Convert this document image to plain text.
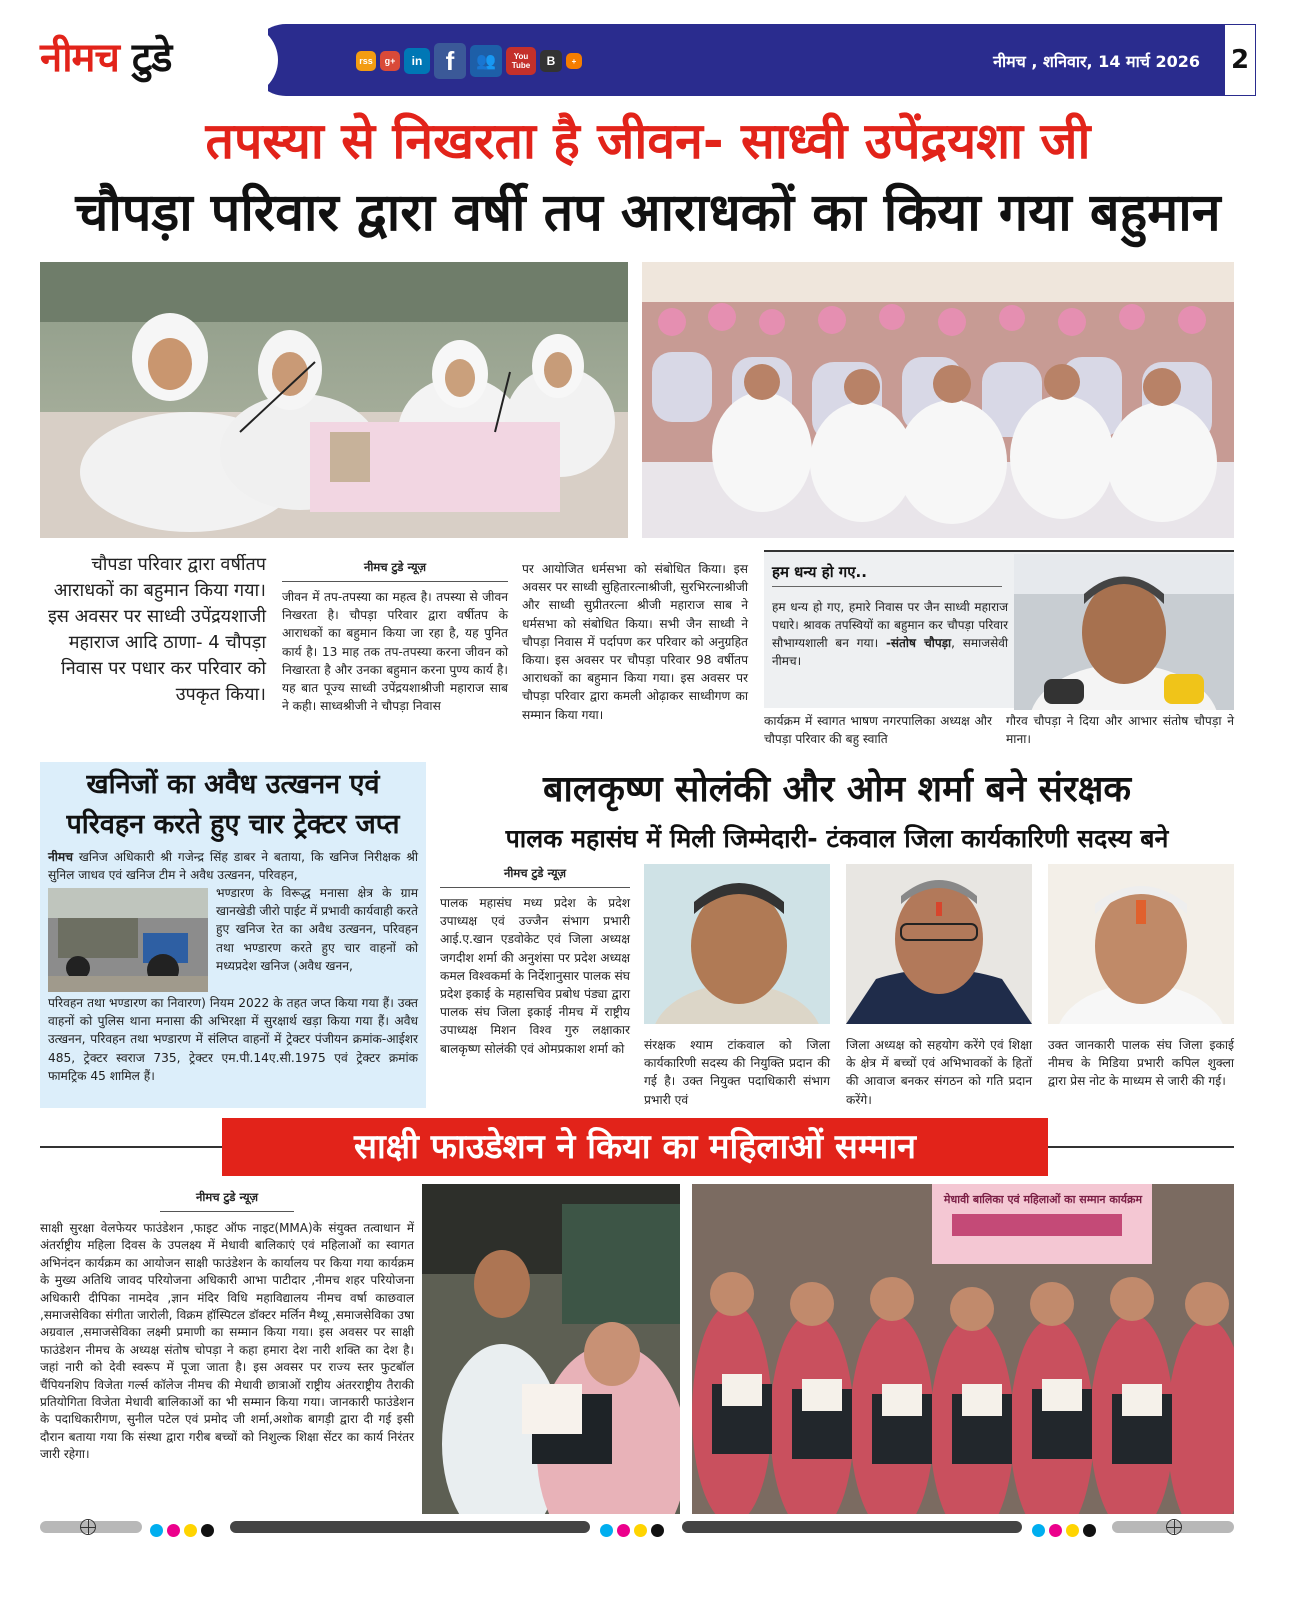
नीमच टुडे	rss	g+	in f	👥	You Tube	B	+	नीमच , शनिवार, 14 मार्च 2026 2
तपस्या से निखरता है जीवन- साध्वी उपेंद्रयशा जी
चौपड़ा परिवार द्वारा वर्षी तप आराधकों का किया गया बहुमान
चौपडा परिवार द्वारा वर्षीतप आराधकों का बहुमान किया गया। इस अवसर पर साध्वी उपेंद्रयशाजी महाराज आदि ठाणा- 4 चौपड़ा निवास पर पधार कर परिवार को उपकृत किया।
नीमच टुडे न्यूज़
जीवन में तप-तपस्या का महत्व है। तपस्या से जीवन निखरता है। चौपड़ा परिवार द्वारा वर्षीतप के आराधकों का बहुमान किया जा रहा है, यह पुनित कार्य है। 13 माह तक तप-तपस्या करना जीवन को निखारता है और उनका बहुमान करना पुण्य कार्य है। यह बात पूज्य साध्वी उपेंद्रयशाश्रीजी महाराज साब ने कही। साध्वश्रीजी ने चौपड़ा निवास
पर आयोजित धर्मसभा को संबोधित किया। इस अवसर पर साध्वी सुहितारत्नाश्रीजी, सुरभिरत्नाश्रीजी और साध्वी सुप्रीतरत्ना श्रीजी महाराज साब ने धर्मसभा को संबोधित किया। सभी जैन साध्वी ने चौपड़ा निवास में पर्दापण कर परिवार को अनुग्रहित किया। इस अवसर पर चौपड़ा परिवार 98 वर्षीतप आराधकों का बहुमान किया गया। इस अवसर पर चौपड़ा परिवार द्वारा कमली ओढ़ाकर साध्वीगण का सम्मान किया गया।
हम धन्य हो गए..
हम धन्य हो गए, हमारे निवास पर जैन साध्वी महाराज पधारे। श्रावक तपस्वियों का बहुमान कर चौपड़ा परिवार सौभाग्यशाली बन गया। -संतोष चौपड़ा, समाजसेवी नीमच।
कार्यक्रम में स्वागत भाषण नगरपालिका अध्यक्ष और चौपड़ा परिवार की बहु स्वाति
गौरव चौपड़ा ने दिया और आभार संतोष चौपड़ा ने माना।
खनिजों का अवैध उत्खनन एवं
परिवहन करते हुए चार ट्रेक्टर जप्त
नीमच खनिज अधिकारी श्री गजेन्द्र सिंह डाबर ने बताया, कि खनिज निरीक्षक श्री सुनिल जाधव एवं खनिज टीम ने अवैध उत्खनन, परिवहन,
भण्डारण के विरूद्ध मनासा क्षेत्र के ग्राम खानखेडी जीरो पाईट में प्रभावी कार्यवाही करते हुए खनिज रेत का अवैध उत्खनन, परिवहन तथा भण्डारण करते हुए चार वाहनों को मध्यप्रदेश खनिज (अवैध खनन,
परिवहन तथा भण्डारण का निवारण) नियम 2022 के तहत जप्त किया गया हैं। उक्त वाहनों को पुलिस थाना मनासा की अभिरक्षा में सुरक्षार्थ खड़ा किया गया हैं। अवैध उत्खनन, परिवहन तथा भण्डारण में संलिप्त वाहनों में ट्रेक्टर पंजीयन क्रमांक-आईशर 485, ट्रेक्टर स्वराज 735, ट्रेक्टर एम.पी.14ए.सी.1975 एवं ट्रेक्टर क्रमांक फामट्रिक 45 शामिल हैं।
बालकृष्ण सोलंकी और ओम शर्मा बने संरक्षक
पालक महासंघ में मिली जिम्मेदारी- टंकवाल जिला कार्यकारिणी सदस्य बने
नीमच टुडे न्यूज़
पालक महासंघ मध्य प्रदेश के प्रदेश उपाध्यक्ष एवं उज्जैन संभाग प्रभारी आई.ए.खान एडवोकेट एवं जिला अध्यक्ष जगदीश शर्मा की अनुशंसा पर प्रदेश अध्यक्ष कमल विश्वकर्मा के निर्देशानुसार पालक संघ प्रदेश इकाई के महासचिव प्रबोध पंड्या द्वारा पालक संघ जिला इकाई नीमच में राष्ट्रीय उपाध्यक्ष मिशन विश्व गुरु लक्षाकार बालकृष्ण सोलंकी एवं ओमप्रकाश शर्मा को	संरक्षक श्याम टांकवाल को जिला कार्यकारिणी सदस्य की नियुक्ति प्रदान की गई है। उक्त नियुक्त पदाधिकारी संभाग प्रभारी एवं
जिला अध्यक्ष को सहयोग करेंगे एवं शिक्षा के क्षेत्र में बच्चों एवं अभिभावकों के हितों की आवाज बनकर संगठन को गति प्रदान करेंगे।
उक्त जानकारी पालक संघ जिला इकाई नीमच के मिडिया प्रभारी कपिल शुक्ला द्वारा प्रेस नोट के माध्यम से जारी की गई।
साक्षी फाउडेशन ने किया का महिलाओं सम्मान
नीमच टुडे न्यूज़
साक्षी सुरक्षा वेलफेयर फाउंडेशन ,फाइट ऑफ नाइट(MMA)के संयुक्त तत्वाधान में अंतर्राष्ट्रीय महिला दिवस के उपलक्ष्य में मेधावी बालिकाएं एवं महिलाओं का स्वागत अभिनंदन कार्यक्रम का आयोजन साक्षी फाउंडेशन के कार्यालय पर किया गया कार्यक्रम के मुख्य अतिथि जावद परियोजना अधिकारी आभा पाटीदार ,नीमच शहर परियोजना अधिकारी दीपिका नामदेव ,ज्ञान मंदिर विधि महाविद्यालय नीमच वर्षा काछवाल ,समाजसेविका संगीता जारोली, विक्रम हॉस्पिटल डॉक्टर मर्लिन मैथ्यू ,समाजसेविका उषा अग्रवाल ,समाजसेविका लक्ष्मी प्रमाणी का सम्मान किया गया। इस अवसर पर साक्षी फाउंडेशन नीमच के अध्यक्ष संतोष चोपड़ा ने कहा हमारा देश नारी शक्ति का देश है। जहां नारी को देवी स्वरूप में पूजा जाता है। इस अवसर पर राज्य स्तर फुटबॉल चैंपियनशिप विजेता गर्ल्स कॉलेज नीमच की मेधावी छात्राओं राष्ट्रीय अंतरराष्ट्रीय तैराकी प्रतियोगिता विजेता मेधावी बालिकाओं का भी सम्मान किया गया। जानकारी फाउंडेशन के पदाधिकारीगण, सुनील पटेल एवं प्रमोद जी शर्मा,अशोक बागड़ी द्वारा दी गई इसी दौरान बताया गया कि संस्था द्वारा गरीब बच्चों को निशुल्क शिक्षा सेंटर का कार्य निरंतर जारी रहेगा।
मेधावी बालिका एवं महिलाओं का सम्मान कार्यक्रम
